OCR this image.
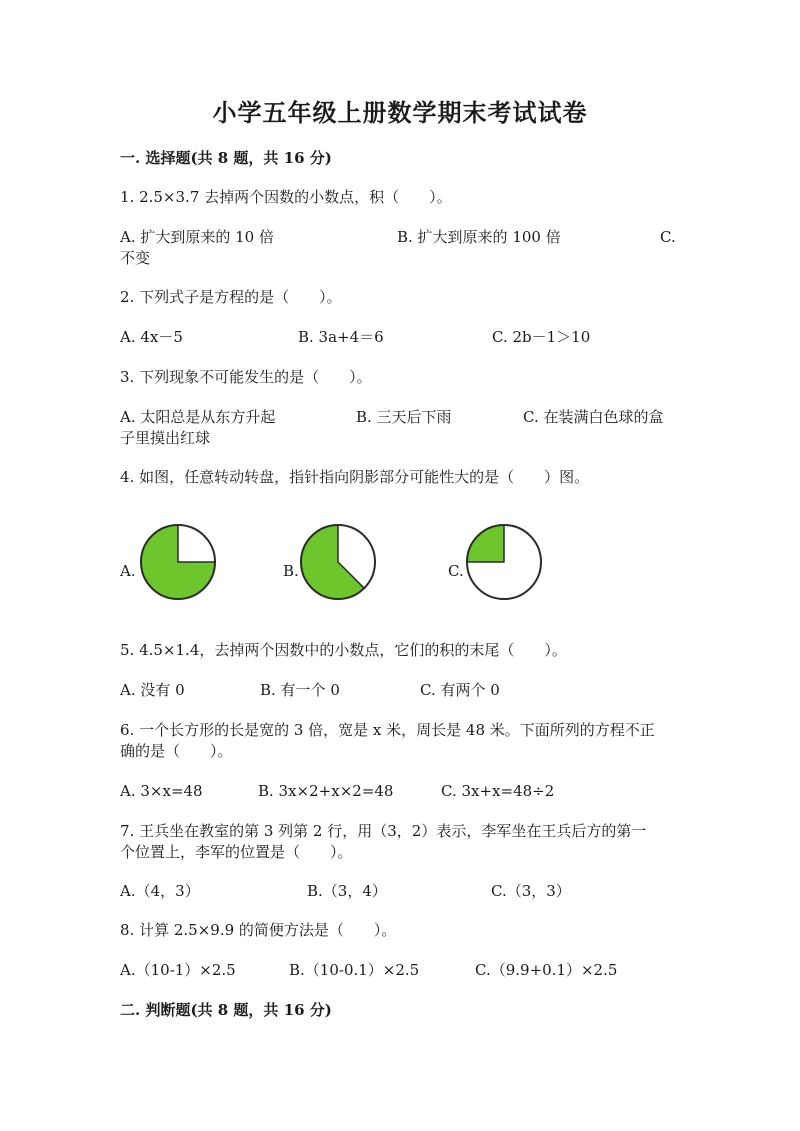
小学五年级上册数学期末考试试卷
一. 选择题(共 8 题，共 16 分)
1. 2.5×3.7 去掉两个因数的小数点，积（　　）。
A. 扩大到原来的 10 倍	B. 扩大到原来的 100 倍	C.
不变
2. 下列式子是方程的是（　　）。
A. 4x－5	B. 3a+4＝6	C. 2b－1＞10
3. 下列现象不可能发生的是（　　）。
A. 太阳总是从东方升起	B. 三天后下雨	C. 在装满白色球的盒
子里摸出红球
4. 如图，任意转动转盘，指针指向阴影部分可能性大的是（　　）图。
A.	B.	C.
5. 4.5×1.4，去掉两个因数中的小数点，它们的积的末尾（　　）。
A. 没有 0	B. 有一个 0	C. 有两个 0
6. 一个长方形的长是宽的 3 倍，宽是 x 米，周长是 48 米。下面所列的方程不正
确的是（　　）。
A. 3×x=48	B. 3x×2+x×2=48	C. 3x+x=48÷2
7. 王兵坐在教室的第 3 列第 2 行，用（3，2）表示，李军坐在王兵后方的第一
个位置上，李军的位置是（　　）。
A.（4，3）	B.（3，4）	C.（3，3）
8. 计算 2.5×9.9 的简便方法是（　　）。
A.（10-1）×2.5	B.（10-0.1）×2.5	C.（9.9+0.1）×2.5
二. 判断题(共 8 题，共 16 分)
